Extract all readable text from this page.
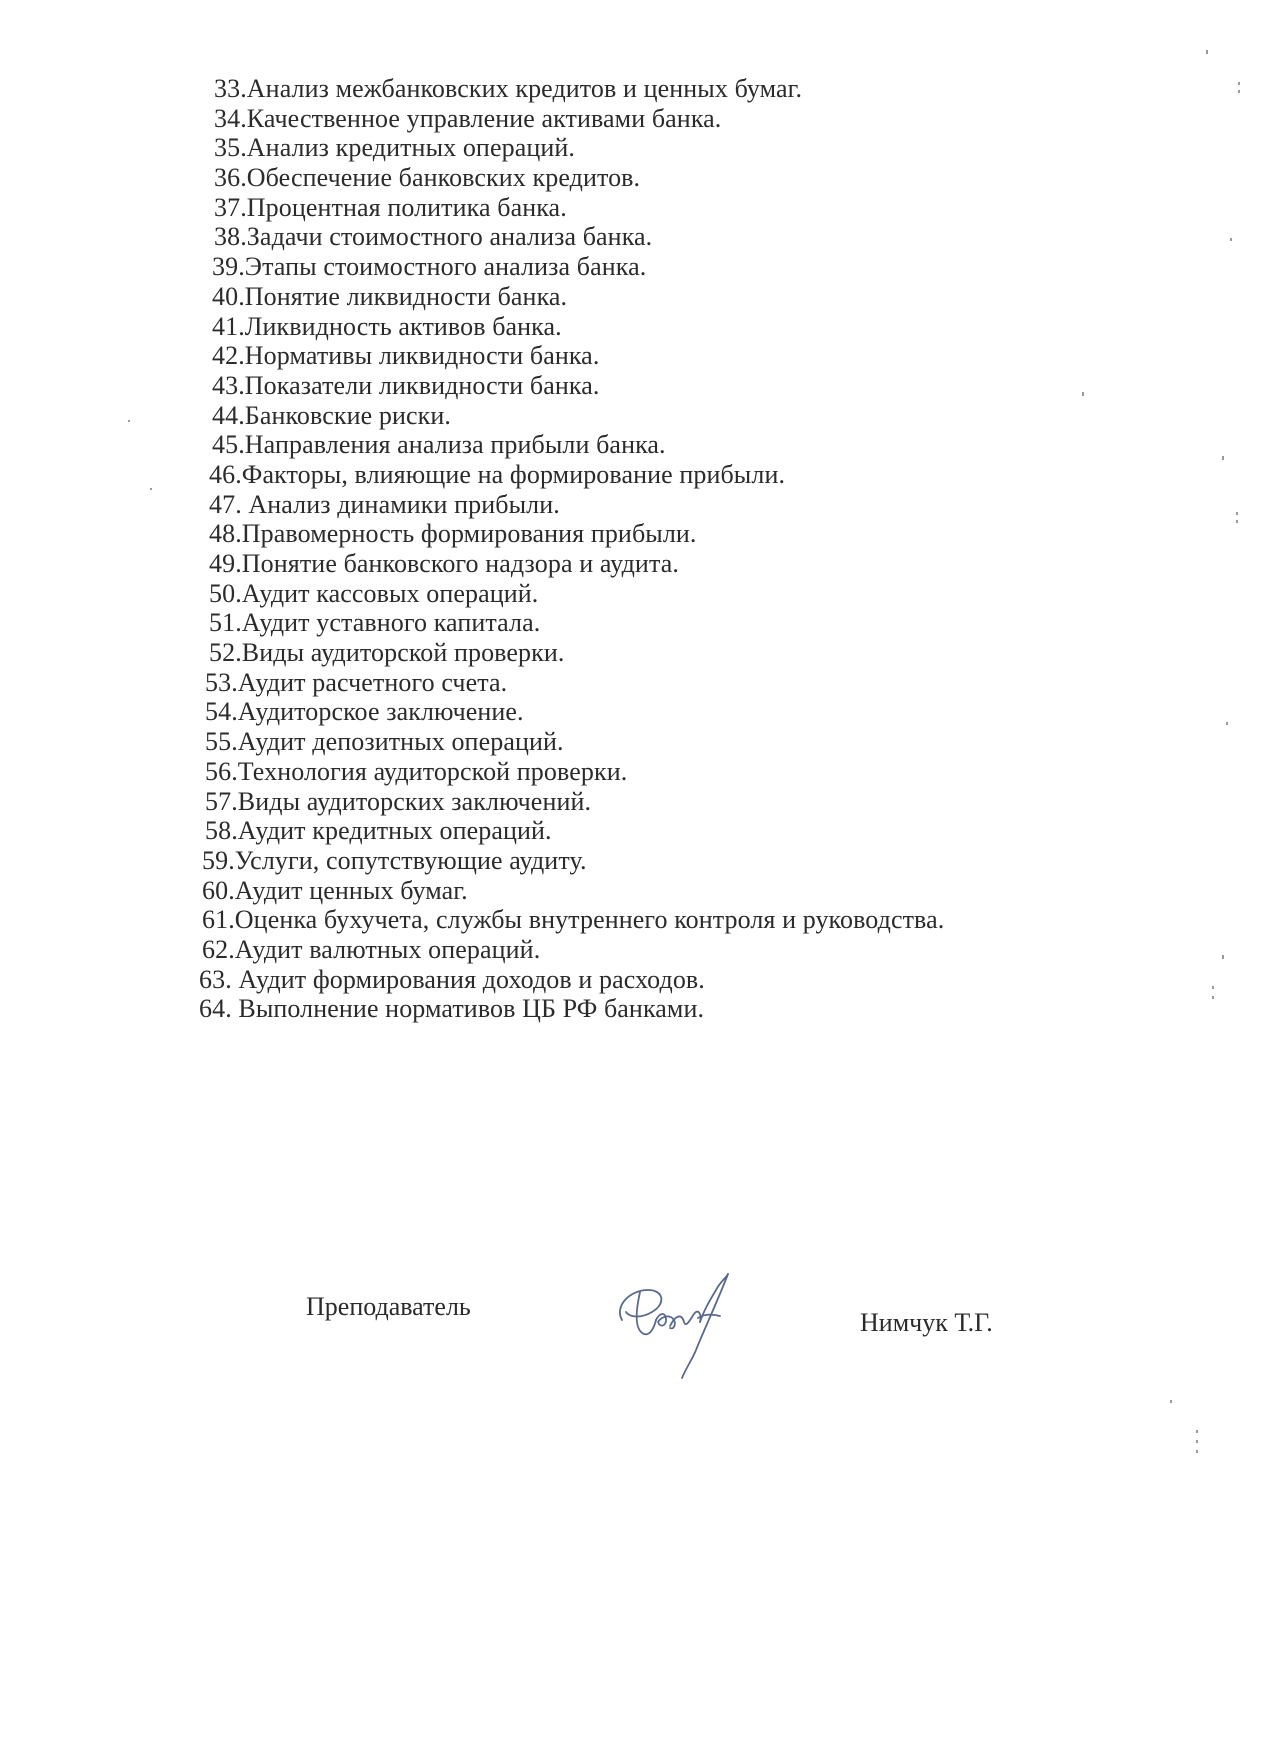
33.Анализ межбанковских кредитов и ценных бумаг.
34.Качественное управление активами банка.
35.Анализ кредитных операций.
36.Обеспечение банковских кредитов.
37.Процентная политика банка.
38.Задачи стоимостного анализа банка.
39.Этапы стоимостного анализа банка.
40.Понятие ликвидности банка.
41.Ликвидность активов банка.
42.Нормативы ликвидности банка.
43.Показатели ликвидности банка.
44.Банковские риски.
45.Направления анализа прибыли банка.
46.Факторы, влияющие на формирование прибыли.
47. Анализ динамики прибыли.
48.Правомерность формирования прибыли.
49.Понятие банковского надзора и аудита.
50.Аудит кассовых операций.
51.Аудит уставного капитала.
52.Виды аудиторской проверки.
53.Аудит расчетного счета.
54.Аудиторское заключение.
55.Аудит депозитных операций.
56.Технология аудиторской проверки.
57.Виды аудиторских заключений.
58.Аудит кредитных операций.
59.Услуги, сопутствующие аудиту.
60.Аудит ценных бумаг.
61.Оценка бухучета, службы внутреннего контроля и руководства.
62.Аудит валютных операций.
63. Аудит формирования доходов и расходов.
64. Выполнение нормативов ЦБ РФ банками.
Преподаватель
Нимчук Т.Г.
